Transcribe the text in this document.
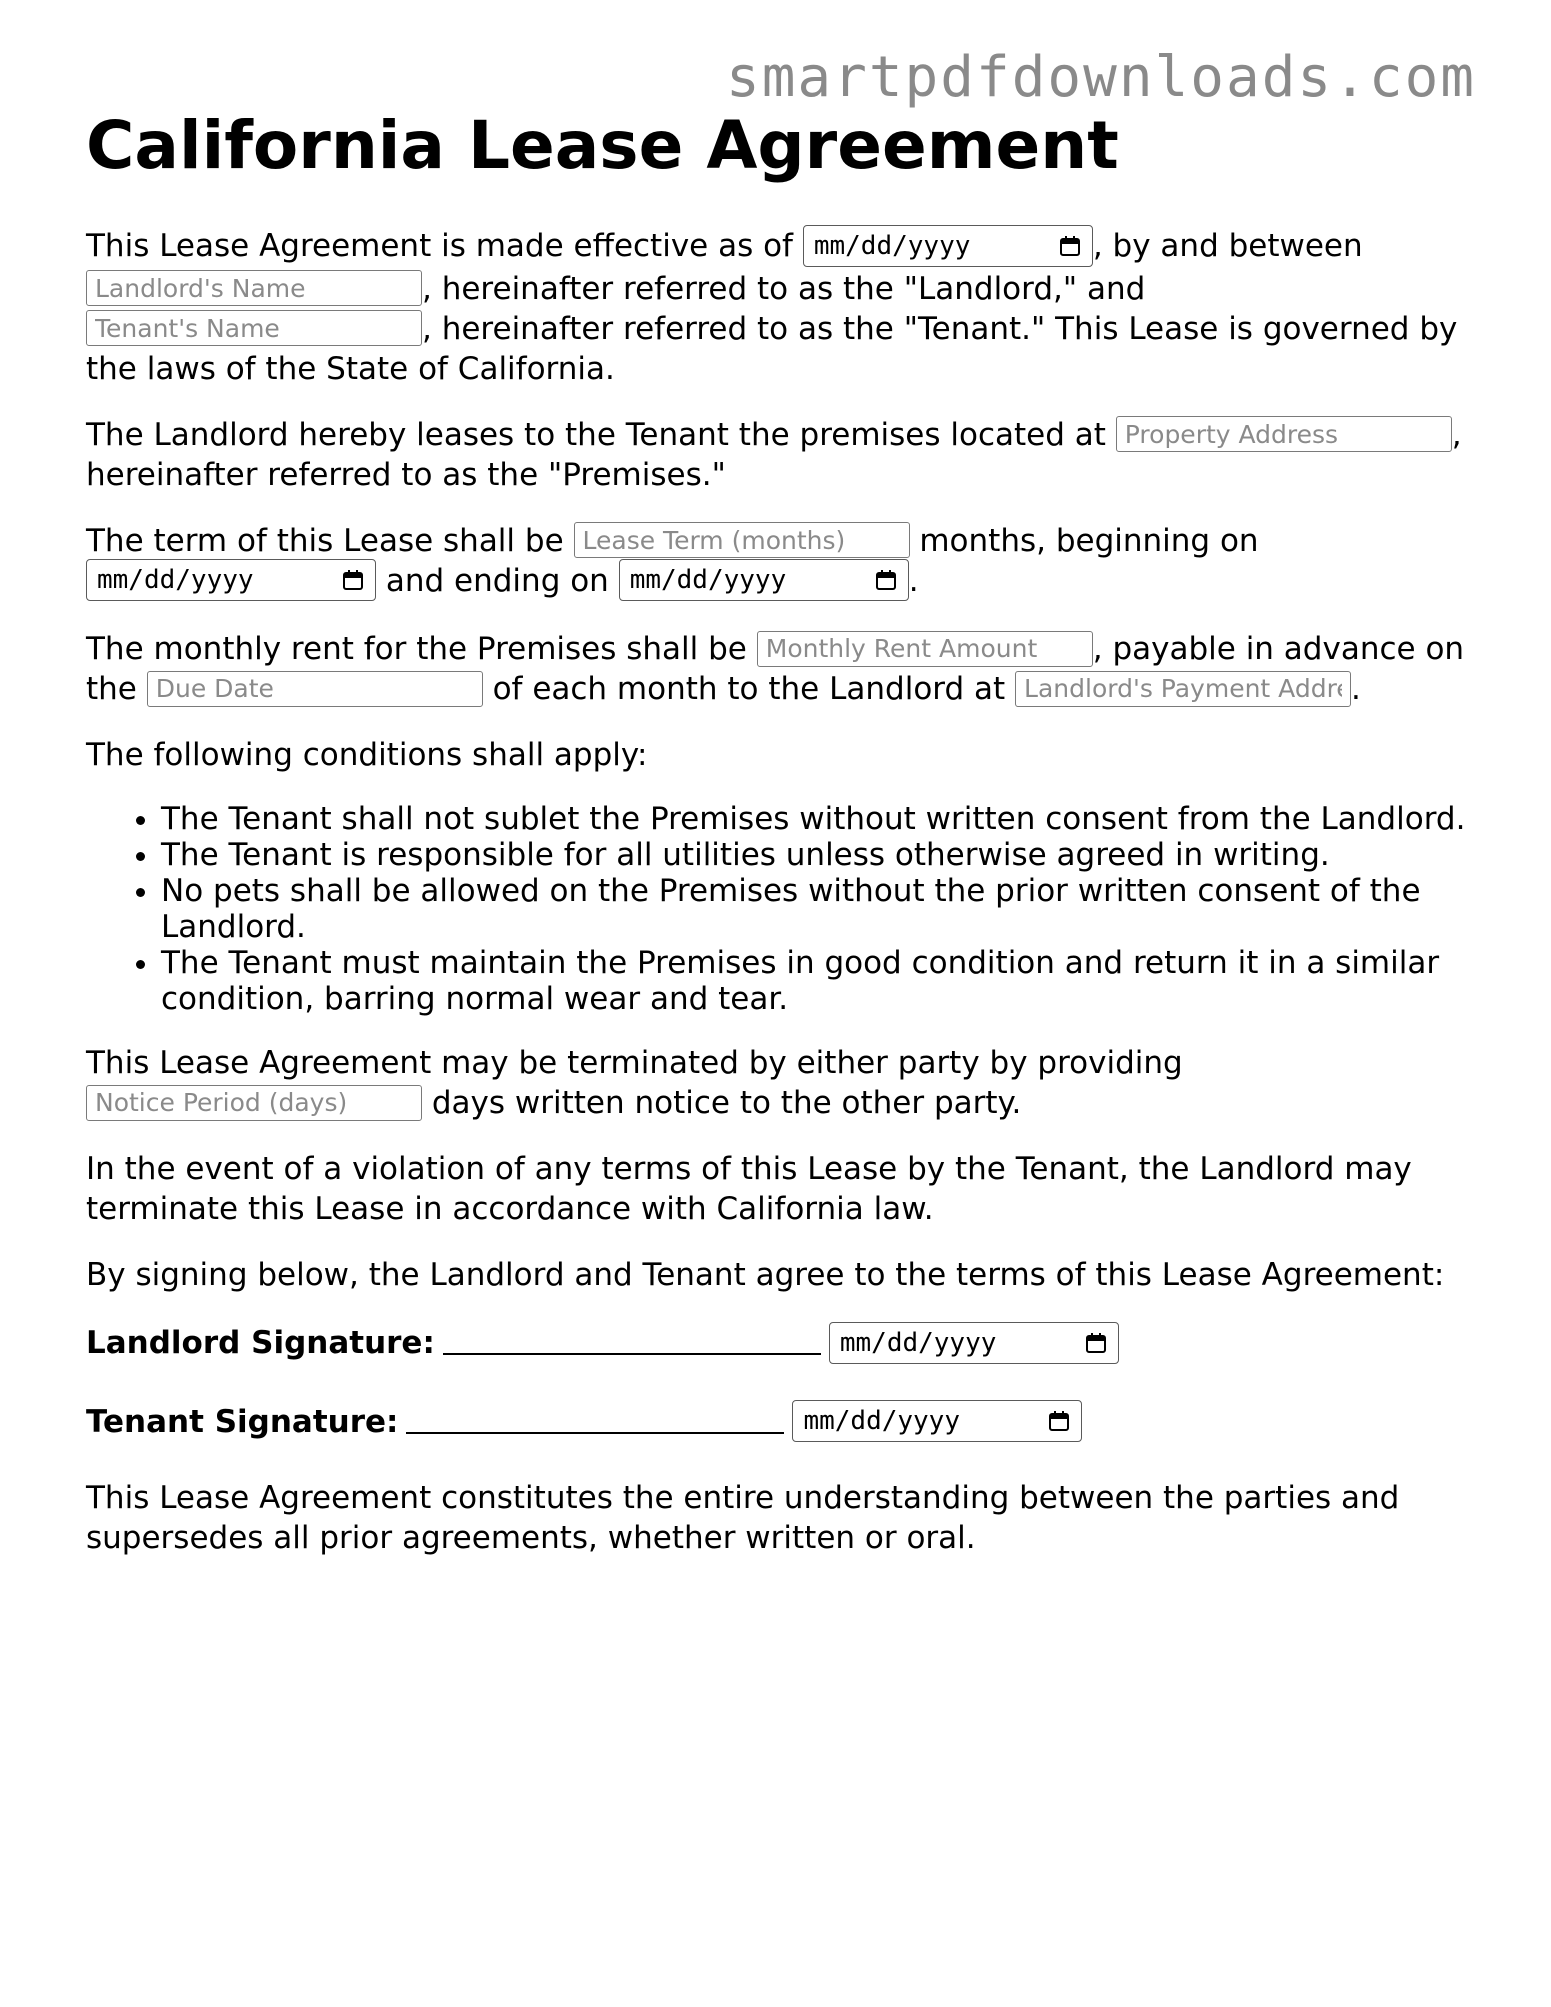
smartpdfdownloads.com
California Lease Agreement

This Lease Agreement is made effective as of mm/dd/yyyy	, by and between
Landlord's Name, hereinafter referred to as the "Landlord," and
Tenant's Name, hereinafter referred to as the "Tenant." This Lease is governed by the laws of the State of California.

The Landlord hereby leases to the Tenant the premises located at Property Address	, hereinafter referred to as the "Premises."

The term of this Lease shall be Lease Term (months)	months, beginning on

mm/dd/yyyy	and ending on mm/dd/yyyy	.

The monthly rent for the Premises shall be Monthly Rent Amount	, payable in advance on the Due Date	of each month to the Landlord at Landlord's Payment Address	.

The following conditions shall apply:

• The Tenant shall not sublet the Premises without written consent from the Landlord.
• The Tenant is responsible for all utilities unless otherwise agreed in writing.
• No pets shall be allowed on the Premises without the prior written consent of the Landlord.
• The Tenant must maintain the Premises in good condition and return it in a similar condition, barring normal wear and tear.

This Lease Agreement may be terminated by either party by providing
Notice Period (days) days written notice to the other party.

In the event of a violation of any terms of this Lease by the Tenant, the Landlord may terminate this Lease in accordance with California law.

By signing below, the Landlord and Tenant agree to the terms of this Lease Agreement:

Landlord Signature:	mm/dd/yyyy
Tenant Signature:	mm/dd/yyyy

This Lease Agreement constitutes the entire understanding between the parties and supersedes all prior agreements, whether written or oral.
